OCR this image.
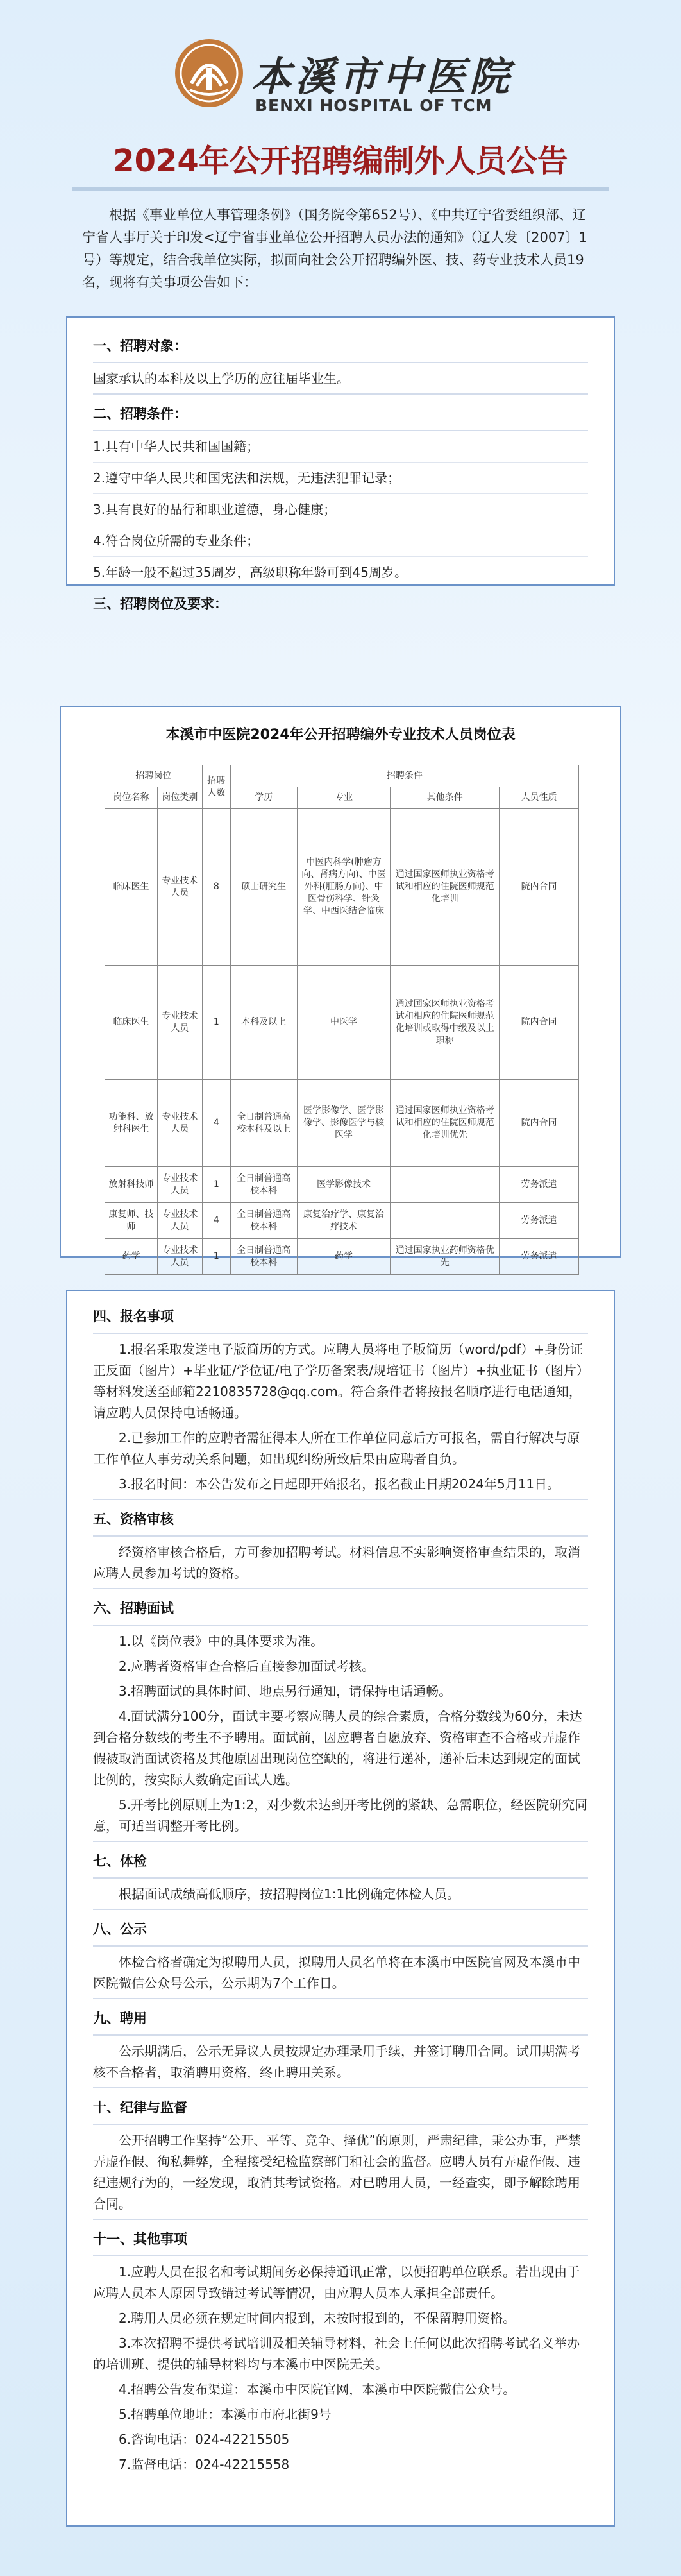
本溪市中医院
BENXI HOSPITAL OF TCM
2024年公开招聘编制外人员公告

根据《事业单位人事管理条例》（国务院令第652号）、《中共辽宁省委组织部、辽宁省人事厅关于印发<辽宁省事业单位公开招聘人员办法的通知》（辽人发〔2007〕1号）等规定，结合我单位实际，拟面向社会公开招聘编外医、技、药专业技术人员19名，现将有关事项公告如下：

一、招聘对象：

国家承认的本科及以上学历的应往届毕业生。

二、招聘条件：

1.具有中华人民共和国国籍；

2.遵守中华人民共和国宪法和法规，无违法犯罪记录；

3.具有良好的品行和职业道德，身心健康；

4.符合岗位所需的专业条件；

5.年龄一般不超过35周岁，高级职称年龄可到45周岁。

三、招聘岗位及要求：

本溪市中医院2024年公开招聘编外专业技术人员岗位表

招聘岗位		招聘人数	招聘条件			
岗位名称	岗位类别		学历	专业	其他条件	人员性质
临床医生	专业技术人员	8	硕士研究生	中医内科学(肿瘤方向、肾病方向)、中医外科(肛肠方向)、中医骨伤科学、针灸学、中西医结合临床	通过国家医师执业资格考试和相应的住院医师规范化培训	院内合同
临床医生	专业技术人员	1	本科及以上	中医学	通过国家医师执业资格考试和相应的住院医师规范化培训或取得中级及以上职称	院内合同
功能科、放射科医生	专业技术人员	4	全日制普通高校本科及以上	医学影像学、医学影像学、影像医学与核医学	通过国家医师执业资格考试和相应的住院医师规范化培训优先	院内合同
放射科技师	专业技术人员	1	全日制普通高校本科	医学影像技术		劳务派遣
康复师、技师	专业技术人员	4	全日制普通高校本科	康复治疗学、康复治疗技术		劳务派遣
药学	专业技术人员	1	全日制普通高校本科	药学	通过国家执业药师资格优先	劳务派遣

四、报名事项

1.报名采取发送电子版简历的方式。应聘人员将电子版简历（word/pdf）+身份证正反面（图片）+毕业证/学位证/电子学历备案表/规培证书（图片）+执业证书（图片）等材料发送至邮箱2210835728@qq.com。符合条件者将按报名顺序进行电话通知，请应聘人员保持电话畅通。

2.已参加工作的应聘者需征得本人所在工作单位同意后方可报名，需自行解决与原工作单位人事劳动关系问题，如出现纠纷所致后果由应聘者自负。

3.报名时间：本公告发布之日起即开始报名，报名截止日期2024年5月11日。

五、资格审核

经资格审核合格后，方可参加招聘考试。材料信息不实影响资格审查结果的，取消应聘人员参加考试的资格。

六、招聘面试

1.以《岗位表》中的具体要求为准。

2.应聘者资格审查合格后直接参加面试考核。

3.招聘面试的具体时间、地点另行通知，请保持电话通畅。

4.面试满分100分，面试主要考察应聘人员的综合素质，合格分数线为60分，未达到合格分数线的考生不予聘用。面试前，因应聘者自愿放弃、资格审查不合格或弄虚作假被取消面试资格及其他原因出现岗位空缺的，将进行递补，递补后未达到规定的面试比例的，按实际人数确定面试人选。

5.开考比例原则上为1:2，对少数未达到开考比例的紧缺、急需职位，经医院研究同意，可适当调整开考比例。

七、体检

根据面试成绩高低顺序，按招聘岗位1:1比例确定体检人员。

八、公示

体检合格者确定为拟聘用人员，拟聘用人员名单将在本溪市中医院官网及本溪市中医院微信公众号公示，公示期为7个工作日。

九、聘用

公示期满后，公示无异议人员按规定办理录用手续，并签订聘用合同。试用期满考核不合格者，取消聘用资格，终止聘用关系。

十、纪律与监督

公开招聘工作坚持“公开、平等、竞争、择优”的原则，严肃纪律，秉公办事，严禁弄虚作假、徇私舞弊，全程接受纪检监察部门和社会的监督。应聘人员有弄虚作假、违纪违规行为的，一经发现，取消其考试资格。对已聘用人员，一经查实，即予解除聘用合同。

十一、其他事项

1.应聘人员在报名和考试期间务必保持通讯正常，以便招聘单位联系。若出现由于应聘人员本人原因导致错过考试等情况，由应聘人员本人承担全部责任。

2.聘用人员必须在规定时间内报到，未按时报到的，不保留聘用资格。

3.本次招聘不提供考试培训及相关辅导材料，社会上任何以此次招聘考试名义举办的培训班、提供的辅导材料均与本溪市中医院无关。

4.招聘公告发布渠道：本溪市中医院官网，本溪市中医院微信公众号。

5.招聘单位地址：本溪市市府北街9号

6.咨询电话：024-42215505

7.监督电话：024-42215558
